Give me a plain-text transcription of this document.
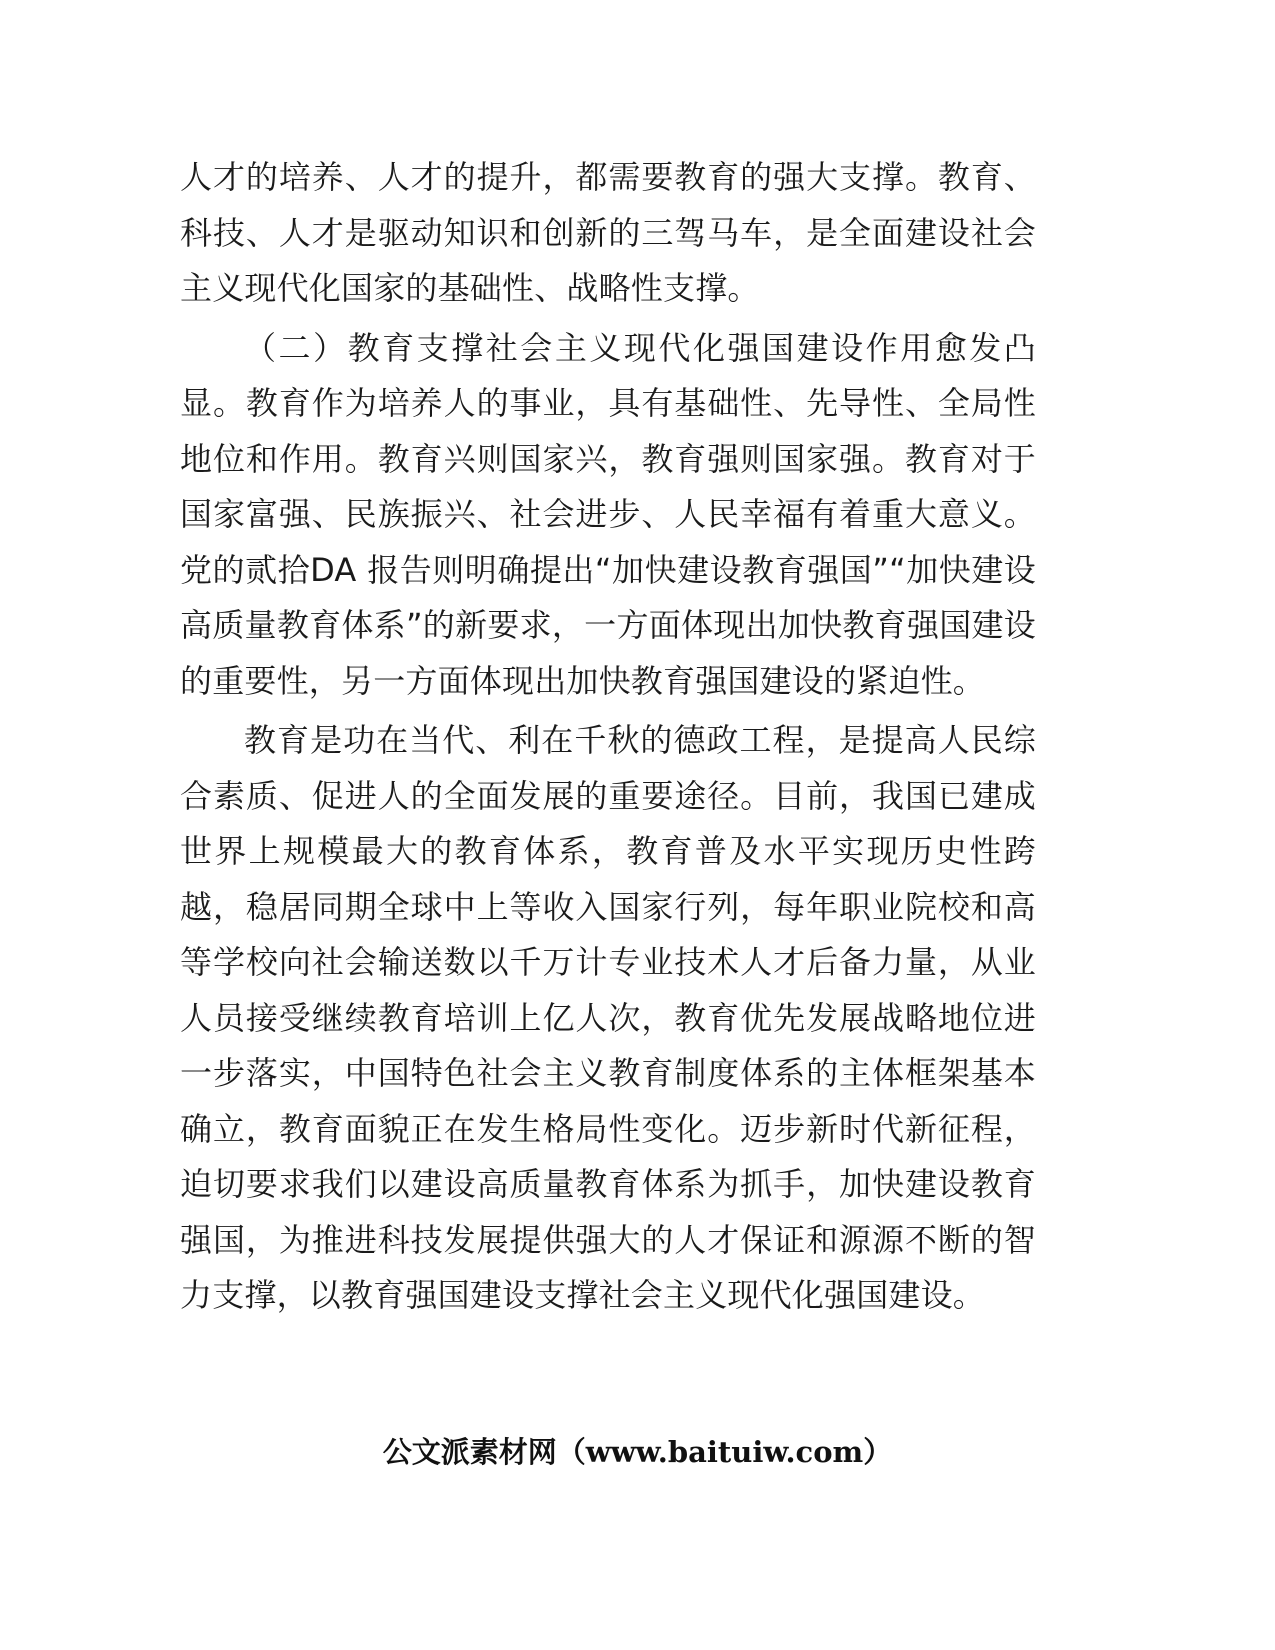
人才的培养、人才的提升，都需要教育的强大支撑。教育、科技、人才是驱动知识和创新的三驾马车，是全面建设社会主义现代化国家的基础性、战略性支撑。

（二）教育支撑社会主义现代化强国建设作用愈发凸显。教育作为培养人的事业，具有基础性、先导性、全局性地位和作用。教育兴则国家兴，教育强则国家强。教育对于国家富强、民族振兴、社会进步、人民幸福有着重大意义。党的贰拾DA 报告则明确提出“加快建设教育强国”“加快建设高质量教育体系”的新要求，一方面体现出加快教育强国建设的重要性，另一方面体现出加快教育强国建设的紧迫性。

教育是功在当代、利在千秋的德政工程，是提高人民综合素质、促进人的全面发展的重要途径。目前，我国已建成世界上规模最大的教育体系，教育普及水平实现历史性跨越，稳居同期全球中上等收入国家行列，每年职业院校和高等学校向社会输送数以千万计专业技术人才后备力量，从业人员接受继续教育培训上亿人次，教育优先发展战略地位进一步落实，中国特色社会主义教育制度体系的主体框架基本确立，教育面貌正在发生格局性变化。迈步新时代新征程，迫切要求我们以建设高质量教育体系为抓手，加快建设教育强国，为推进科技发展提供强大的人才保证和源源不断的智力支撑，以教育强国建设支撑社会主义现代化强国建设。

公文派素材网（www.baituiw.com）
